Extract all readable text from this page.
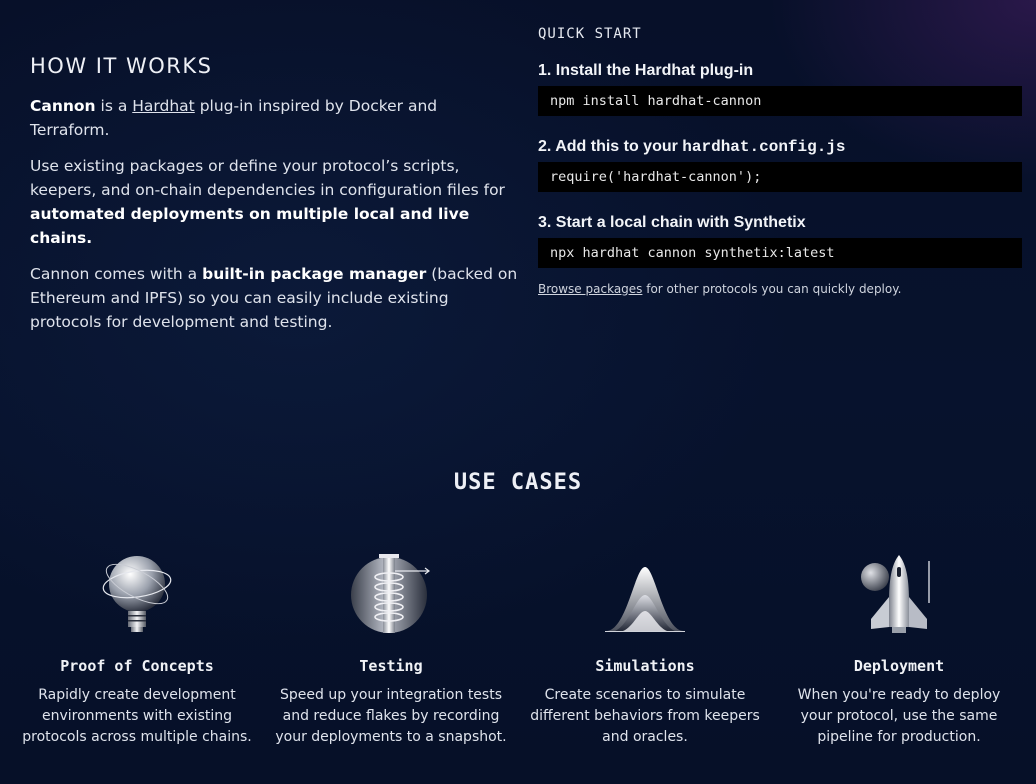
HOW IT WORKS

Cannon is a Hardhat plug-in inspired by Docker and Terraform.

Use existing packages or define your protocol’s scripts, keepers, and on-chain dependencies in configuration files for automated deployments on multiple local and live chains.

Cannon comes with a built-in package manager (backed on Ethereum and IPFS) so you can easily include existing protocols for development and testing.

QUICK START
1. Install the Hardhat plug-in
npm install hardhat-cannon
2. Add this to your hardhat.config.js
require('hardhat-cannon');
3. Start a local chain with Synthetix
npx hardhat cannon synthetix:latest
Browse packages for other protocols you can quickly deploy.
USE CASES
Proof of Concepts

Rapidly create development environments with existing protocols across multiple chains.

Testing

Speed up your integration tests and reduce flakes by recording your deployments to a snapshot.

Simulations

Create scenarios to simulate different behaviors from keepers and oracles.

Deployment

When you're ready to deploy your protocol, use the same pipeline for production.
